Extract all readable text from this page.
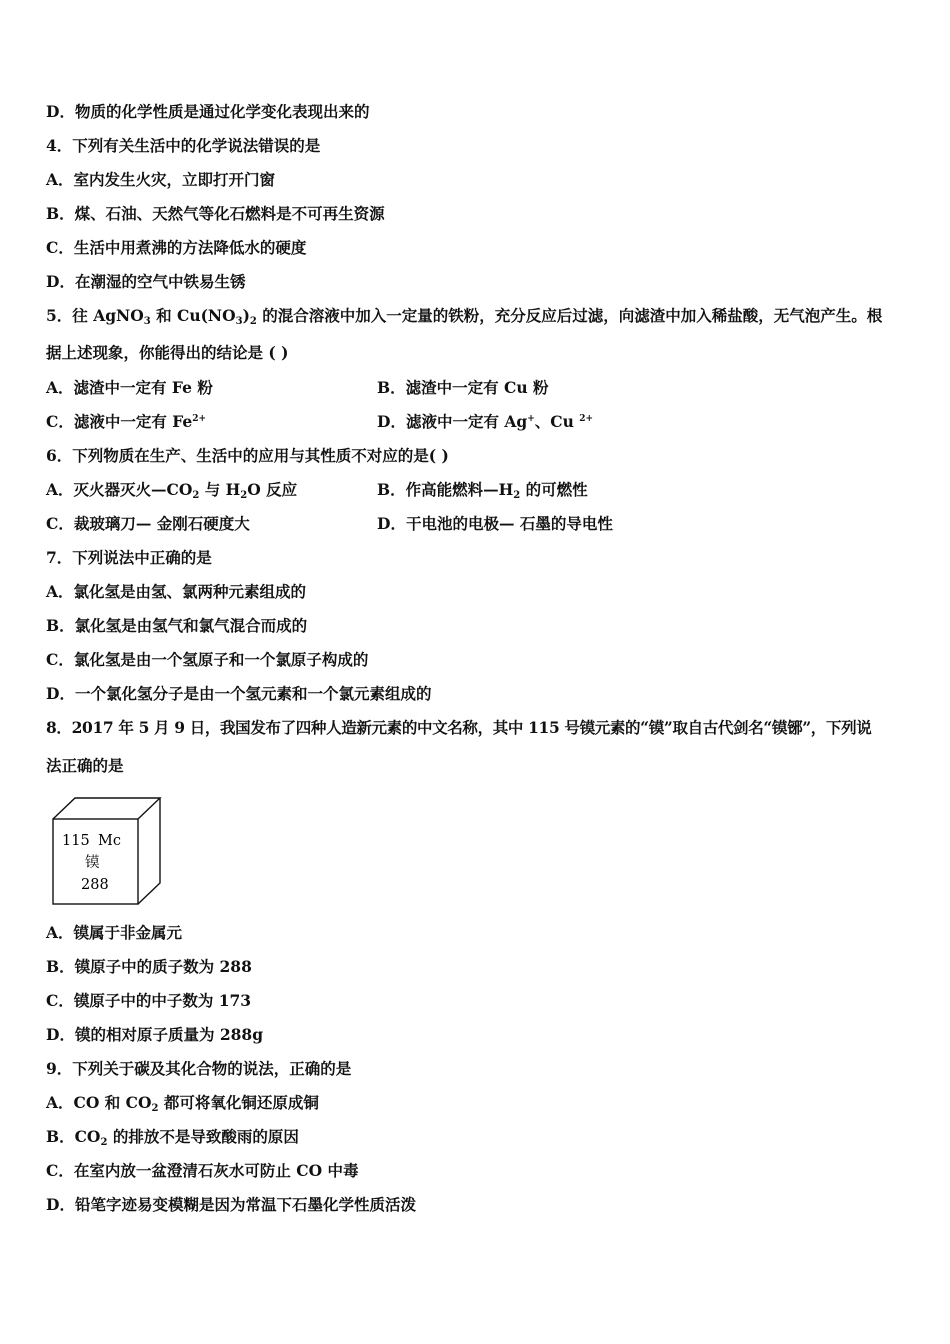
D．物质的化学性质是通过化学变化表现出来的
4．下列有关生活中的化学说法错误的是
A．室内发生火灾，立即打开门窗
B．煤、石油、天然气等化石燃料是不可再生资源
C．生活中用煮沸的方法降低水的硬度
D．在潮湿的空气中铁易生锈
5．往 AgNO$_3$ 和 $Cu(NO_3)_2$ 的混合溶液中加入一定量的铁粉，充分反应后过滤，向滤渣中加入稀盐酸，无气泡产生。根
据上述现象，你能得出的结论是 ( )
A．滤渣中一定有 Fe 粉	B．滤渣中一定有 Cu 粉
C．滤液中一定有 $Fe^{2+}$	D．滤液中一定有 Ag+、Cu $^{2+}$
6．下列物质在生产、生活中的应用与其性质不对应的是( )
A．灭火器灭火$—CO_2$ 与 $H_2O$ 反应	B．作高能燃料$—H_2$ 的可燃性
C．裁玻璃刀— 金刚石硬度大	D．干电池的电极— 石墨的导电性
7．下列说法中正确的是
A．氯化氢是由氢、氯两种元素组成的
B．氯化氢是由氢气和氯气混合而成的
C．氯化氢是由一个氢原子和一个氯原子构成的
D．一个氯化氢分子是由一个氢元素和一个氯元素组成的
8．2017 年 5 月 9 日，我国发布了四种人造新元素的中文名称，其中 115 号镆元素的“镆”取自古代剑名“镆铘”，下列说
法正确的是
115 Mc
镆
288
A．镆属于非金属元
B．镆原子中的质子数为 288
C．镆原子中的中子数为 173
D．镆的相对原子质量为 288g
9．下列关于碳及其化合物的说法，正确的是
A．CO 和 $CO_2$ 都可将氧化铜还原成铜
B．$CO_2$ 的排放不是导致酸雨的原因
C．在室内放一盆澄清石灰水可防止 CO 中毒
D．铅笔字迹易变模糊是因为常温下石墨化学性质活泼
